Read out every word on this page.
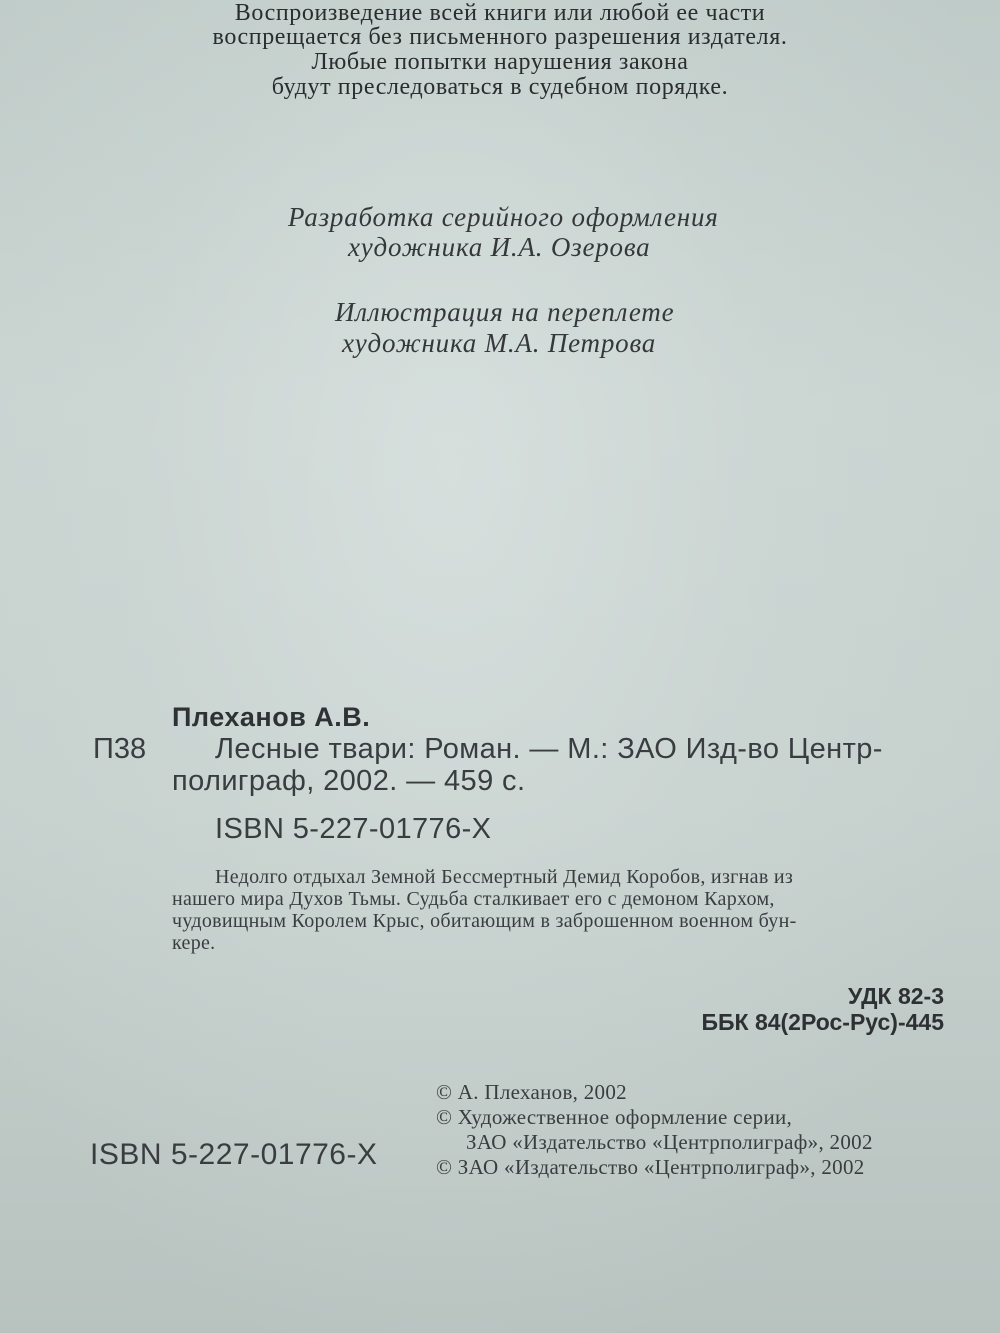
Воспроизведение всей книги или любой ее части

воспрещается без письменного разрешения издателя.

Любые попытки нарушения закона

будут преследоваться в судебном порядке.

Разработка серийного оформления

художника И.А. Озерова

Иллюстрация на переплете

художника М.А. Петрова

Плеханов А.В.

П38 Лесные твари: Роман. — М.: ЗАО Изд-во Центр-

полиграф, 2002. — 459 с.

ISBN 5-227-01776-X

Недолго отдыхал Земной Бессмертный Демид Коробов, изгнав из

нашего мира Духов Тьмы. Судьба сталкивает его с демоном Кархом,

чудовищным Королем Крыс, обитающим в заброшенном военном бун-

кере.

УДК 82-3

ББК 84(2Рос-Рус)-445

ISBN 5-227-01776-X

© А. Плеханов, 2002

© Художественное оформление серии,

ЗАО «Издательство «Центрполиграф», 2002

© ЗАО «Издательство «Центрполиграф», 2002
